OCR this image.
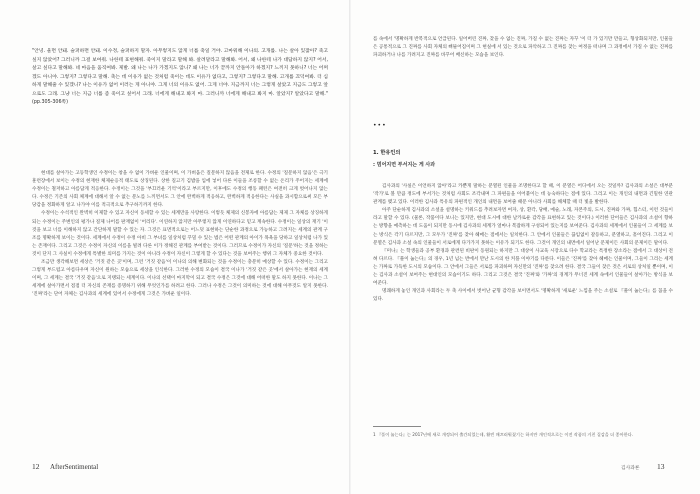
"안녕. 울면 안돼. 슬퍼하면 안돼. 이수정, 슬퍼하지 말자. 아무렇지도 않게 너를 축일 거야. 고마워해 이나의. 고개를. 나는 살아 있잖아? 죽고 싶지 않았어? 그러니까 그걸 보여줘. 나한테 표현해줘. 죽이지 말라고 말해 봐. 살려달라고 말해봐. 어서, 왜 나한테 나가 대답하지 않지? 어서, 살고 싶다고 말해봐. 네 마음을 움직여봐. 제발. 왜 나는 나가 가겠지도 않니? 왜 나는 너가 끝까지 안돌아가 하겠지? 느끼지 못하니? 너는 어쩌겠도 아니야. 그렇지? 그렇다고 말해. 축는 데 이유가 없는 것처럼 죽이는 데도 이유가 없다고, 그렇지? 그렇다고 말해. 고개를 끄덕여봐. 더 심하게 말해줄 수 있겠니? 나는 이유가 없어 이러는 게 아니야. 그게 너의 이유도 없어. 그게 너야. 지금까지 너는 그렇게 살았고 지금도 그렇고 앞으로도 그래. 그냥 너는 지금 너를 좀 죽이고 싶어서 그래. 너에게 해내고 봐지 마. 그러니까 너에게 해내고 봐지 마. 알았지? 알았다고 말해."(pp.305-306쪽)

현대를 살아가는 고등학생인 수정이는 창을 수 없이 가벼운 인물이며, 이 가벼움은 질문하지 않음을 전제로 한다. 수정의 '질문하지 않음'은 극기훈련장에서 보이는 수정의 현재한 체제순응적 태도로 상징된다. 상한 질고기 김밥을 입에 넣어 다른 이들을 조롱할 수 없는 온리가 주어지는 세계에 수정이는 철저하고 아름답게 적응한다. 수정이는 그것을 '부끄러운 기억'이라고 부르지만, 이후에도 수정의 행동 패턴은 여전히 크게 벗어나지 않는다. 수정은 기존의 사회 체계에 대해서 알 수 없는 분노를 느끼면서도 그 안에 완벽하게 적응하고, 완벽하게 적응한다는 사실을 과시함으로써 모든 부당감을 정화하게 알고 나가야 이를 적극적으로 추구하기까지 한다.

수정이는 수석적인 완벽히 이제할 수 있고 자신이 동세할 수 있는 세계만을 사랑한다. 이렇듯 체제의 신봉자에 아름답는 제제 그 자체를 상징하게 되는 수정이는 주변인의 평가나 질제 나어를 판재없이 '어리다'. 이연하지 않지만 아무렇지 않게 이연하다고 믿고 계속한다. 수정이는 일상의 재기 '이 것을 보고 너를 이해하지 않고 간단하게 말할 수 있는 자. 그것은 표면적으로는 어느덧 표현하는 단순한 과정으로 가능하고 그려지는 세계의 관계 구조를 명확하게 보이는 것이다. 세계에서 수정이 수정 아비 그 부녀를 일상처럼 꾸밀 수 있는 법은 어떤 관계의 아이가 목욕을 당하고 일상처럼 나가 있는 존재이다. 그리고 그것은 수정이 자신의 이름을 빌려 다른 이가 정해진 관계를 부여받는 것이다. 그러므로 수정이가 자신의 '질문'하는 것을 정하는 것이 단지 그 사실이 수정에게 특별한 의미를 가지는 것이 아니라 수정이 자신이 그렇게 할 수 있다는 것을 보여주는 행위 그 자체가 중요한 것이다.

조금만 생각해보면 세상은 '거짓 같은 곳'이며, 그런 '거짓 같음'이 이나의 의해 변화되는 것을 수정이는 충분히 예상할 수 있다. 수정이는 그리고 그렇게 부드럽고 아름다우며 자신이 원하는 모습으로 세상을 인식한다. 그러한 수정의 모습이 결국 이나가 '거짓 같은 곳'에서 살아가는 현재의 세계이며, 그 세계는 결국 '거짓 같음'으로 지탱되는 세계이다. 이나의 선택이 마지막이 되고 결국 수정은 그것에 대해 어떠한 말도 하지 못한다. 이나는 그 세계에 살아가면서 점점 더 자신의 존재를 증명하기 위해 무엇인가를 하려고 한다. 그러나 수정은 그것이 의미하는 것에 대해 아무것도 알지 못한다. '진짜'라는 단어 자체는 김사과의 세계에 있어서 수정에게 그것은 가벼운 일이다.

12 AfterSentimental

를 속에서 '명확하게 반복적으로 언급된다. 일어버린 진짜, 찾을 수 없는 진짜, 가질 수 없는 진짜는 자꾸 '이 더 가 있기만 만들고, 형상화되지만, 인물들은 공통적으로 그 진짜를 사회 자체의 삐뚤어짐이며 그 현실에 서 있는 것으로 파악하고 그 진짜를 찾는 여정을 떠나며 그 과정에서 가질 수 없는 진짜를 파괴하거나 나를 가려지고 진짜를 바꾸어 배신하는 모습을 보인다.

•••
1. 한유인의
: 멈어지면 부서지는 게 사과

김사과의 '사실은 이언하지 않아'라고 카뿐게 말하는 분열된 인물을 조명한다고 할 때, 이 분열은 어디에서 오는 것일까? 김사과의 소설은 대부분 '작가'로 볼 만큼 정도에 부서가는 것처럼 사회도 조각내며 그 파편들을 이어붙이는 데 능숙하다는 점에 있다. 그리고 이는 개인의 내면과 긴밀한 연관 관계를 맺고 있다. 이러한 김사과 특유의 파편적인 개인의 내면을 보여줄 때문 아니라 사회를 해체할 때 더 빛을 발한다.

아주 단순하게 김사과의 소설을 설명하는 키워드를 추려보자면 여자, 상, 환각, 당배, 예술, 노래, 자본주의, 도시, 진짜와 가짜, 힙스터, 이런 것들이라고 말할 수 있다. (물론, 작품이다 보니는 있지만, 현대 도시에 대한 날카로운 감각을 표현하고 있는 것이다.) 이러한 단어들은 김사과의 소설이 향하는 방향을 예측하는 데 도움이 되지만 동시에 김사과의 세계가 얼마나 복잡하게 구성되어 있는지를 보여준다. 김사과의 세계에서 인물들이 그 세계를 보는 방식은 각기 다르지만, 그 모두가 '진짜'를 찾아 헤매는 점에서는 일치한다. 그 안에서 인물들은 끊임없이 갈등하고, 분열하고, 흩어진다. 그리고 이 분열은 김사과 소설 속의 인물들이 서로에게 다가가지 못하는 이유가 되기도 한다. 그것이 개인의 내면에서 일어난 문제이든 사회의 문제이든 말이다.

『미나』는 학생들과 공부 환경과 관련된 비판이 동원되는 하지만 그 대상이 사교육 시장으로 다수 학교라는 특정한 장소라는 점에서 그 대상이 전혀 다르다. 『풀이 눕는다』의 경우, 1년 넘는 반에서 만난 도시의 한 커플 이야기를 다룬다. 이들은 '진짜'를 찾아 헤매는 인물이며, 그들이 그리는 세계는 가짜로 가득한 도시의 모습이다. 그 안에서 그들은 서로를 파괴하며 자신만의 '진짜'를 찾으려 한다. 결국 그들이 찾은 것은 서로의 상처일 뿐이며, 이는 김사과 소설이 보여주는 현대인의 모습이기도 하다. 그리고 그것은 결국 '진짜'와 '가짜'의 경계가 무너진 세계 속에서 인물들이 살아가는 방식을 보여준다.

명쾌하게 놓인 개인과 사회라는 두 축 사이에서 벗어난 균형 감각을 보이면서도 '명확하게 '새로운' 느낌을 주는 소설로 『풀이 눕는다』를 꼽을 수 있다.

1 『풀이 눕는다』는 2017년에 새로 개정되어 출간되었는데, 활빈 매끄러워졌기는 하지만 개인적으로는 이전 작품의 거친 질감을 더 좋아한다.

김사과론 13
